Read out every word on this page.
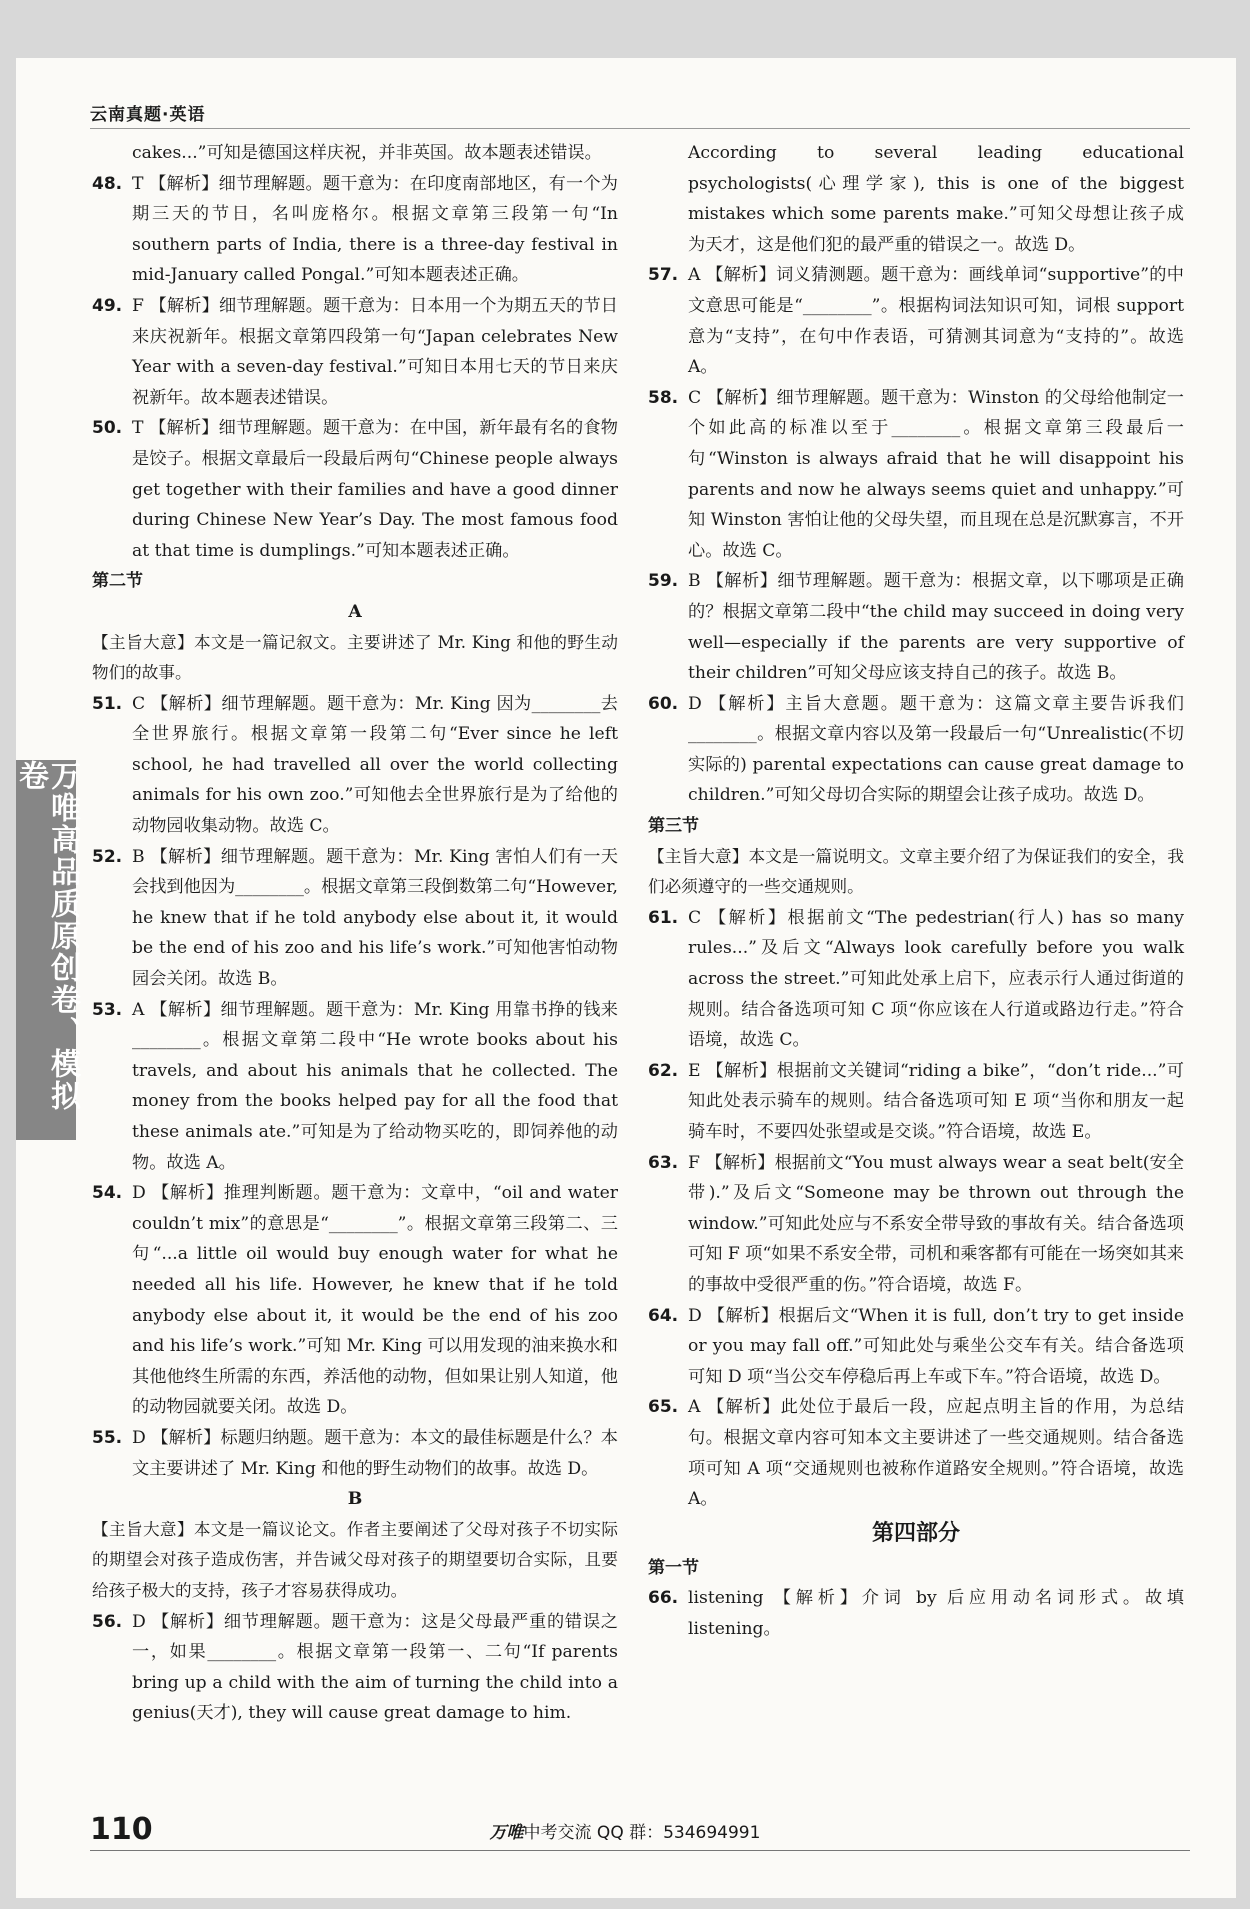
云南真题·英语
万唯高品质原创卷、模拟卷

cakes...”可知是德国这样庆祝，并非英国。故本题表述错误。

48. T 【解析】细节理解题。题干意为：在印度南部地区，有一个为期三天的节日，名叫庞格尔。根据文章第三段第一句“In southern parts of India, there is a three-day festival in mid-January called Pongal.”可知本题表述正确。
49. F 【解析】细节理解题。题干意为：日本用一个为期五天的节日来庆祝新年。根据文章第四段第一句“Japan celebrates New Year with a seven-day festival.”可知日本用七天的节日来庆祝新年。故本题表述错误。
50. T 【解析】细节理解题。题干意为：在中国，新年最有名的食物是饺子。根据文章最后一段最后两句“Chinese people always get together with their families and have a good dinner during Chinese New Year’s Day. The most famous food at that time is dumplings.”可知本题表述正确。
第二节
A

【主旨大意】本文是一篇记叙文。主要讲述了 Mr. King 和他的野生动物们的故事。

51. C 【解析】细节理解题。题干意为：Mr. King 因为________去全世界旅行。根据文章第一段第二句“Ever since he left school, he had travelled all over the world collecting animals for his own zoo.”可知他去全世界旅行是为了给他的动物园收集动物。故选 C。
52. B 【解析】细节理解题。题干意为：Mr. King 害怕人们有一天会找到他因为________。根据文章第三段倒数第二句“However, he knew that if he told anybody else about it, it would be the end of his zoo and his life’s work.”可知他害怕动物园会关闭。故选 B。
53. A 【解析】细节理解题。题干意为：Mr. King 用靠书挣的钱来________。根据文章第二段中“He wrote books about his travels, and about his animals that he collected. The money from the books helped pay for all the food that these animals ate.”可知是为了给动物买吃的，即饲养他的动物。故选 A。
54. D 【解析】推理判断题。题干意为：文章中，“oil and water couldn’t mix”的意思是“________”。根据文章第三段第二、三句“...a little oil would buy enough water for what he needed all his life. However, he knew that if he told anybody else about it, it would be the end of his zoo and his life’s work.”可知 Mr. King 可以用发现的油来换水和其他他终生所需的东西，养活他的动物，但如果让别人知道，他的动物园就要关闭。故选 D。
55. D 【解析】标题归纳题。题干意为：本文的最佳标题是什么？本文主要讲述了 Mr. King 和他的野生动物们的故事。故选 D。
B

【主旨大意】本文是一篇议论文。作者主要阐述了父母对孩子不切实际的期望会对孩子造成伤害，并告诫父母对孩子的期望要切合实际，且要给孩子极大的支持，孩子才容易获得成功。

56. D 【解析】细节理解题。题干意为：这是父母最严重的错误之一，如果________。根据文章第一段第一、二句“If parents bring up a child with the aim of turning the child into a genius(天才), they will cause great damage to him.

According to several leading educational psychologists(心理学家), this is one of the biggest mistakes which some parents make.”可知父母想让孩子成为天才，这是他们犯的最严重的错误之一。故选 D。

57. A 【解析】词义猜测题。题干意为：画线单词“supportive”的中文意思可能是“________”。根据构词法知识可知，词根 support 意为“支持”，在句中作表语，可猜测其词意为“支持的”。故选 A。
58. C 【解析】细节理解题。题干意为：Winston 的父母给他制定一个如此高的标准以至于________。根据文章第三段最后一句“Winston is always afraid that he will disappoint his parents and now he always seems quiet and unhappy.”可知 Winston 害怕让他的父母失望，而且现在总是沉默寡言，不开心。故选 C。
59. B 【解析】细节理解题。题干意为：根据文章，以下哪项是正确的？根据文章第二段中“the child may succeed in doing very well—especially if the parents are very supportive of their children”可知父母应该支持自己的孩子。故选 B。
60. D 【解析】主旨大意题。题干意为：这篇文章主要告诉我们________。根据文章内容以及第一段最后一句“Unrealistic(不切实际的) parental expectations can cause great damage to children.”可知父母切合实际的期望会让孩子成功。故选 D。
第三节

【主旨大意】本文是一篇说明文。文章主要介绍了为保证我们的安全，我们必须遵守的一些交通规则。

61. C 【解析】根据前文“The pedestrian(行人) has so many rules...”及后文“Always look carefully before you walk across the street.”可知此处承上启下，应表示行人通过街道的规则。结合备选项可知 C 项“你应该在人行道或路边行走。”符合语境，故选 C。
62. E 【解析】根据前文关键词“riding a bike”，“don’t ride...”可知此处表示骑车的规则。结合备选项可知 E 项“当你和朋友一起骑车时，不要四处张望或是交谈。”符合语境，故选 E。
63. F 【解析】根据前文“You must always wear a seat belt(安全带).”及后文“Someone may be thrown out through the window.”可知此处应与不系安全带导致的事故有关。结合备选项可知 F 项“如果不系安全带，司机和乘客都有可能在一场突如其来的事故中受很严重的伤。”符合语境，故选 F。
64. D 【解析】根据后文“When it is full, don’t try to get inside or you may fall off.”可知此处与乘坐公交车有关。结合备选项可知 D 项“当公交车停稳后再上车或下车。”符合语境，故选 D。
65. A 【解析】此处位于最后一段，应起点明主旨的作用，为总结句。根据文章内容可知本文主要讲述了一些交通规则。结合备选项可知 A 项“交通规则也被称作道路安全规则。”符合语境，故选 A。
第四部分
第一节
66. listening 【解析】介词 by 后应用动名词形式。故填 listening。
110	万唯中考交流 QQ 群：534694991
